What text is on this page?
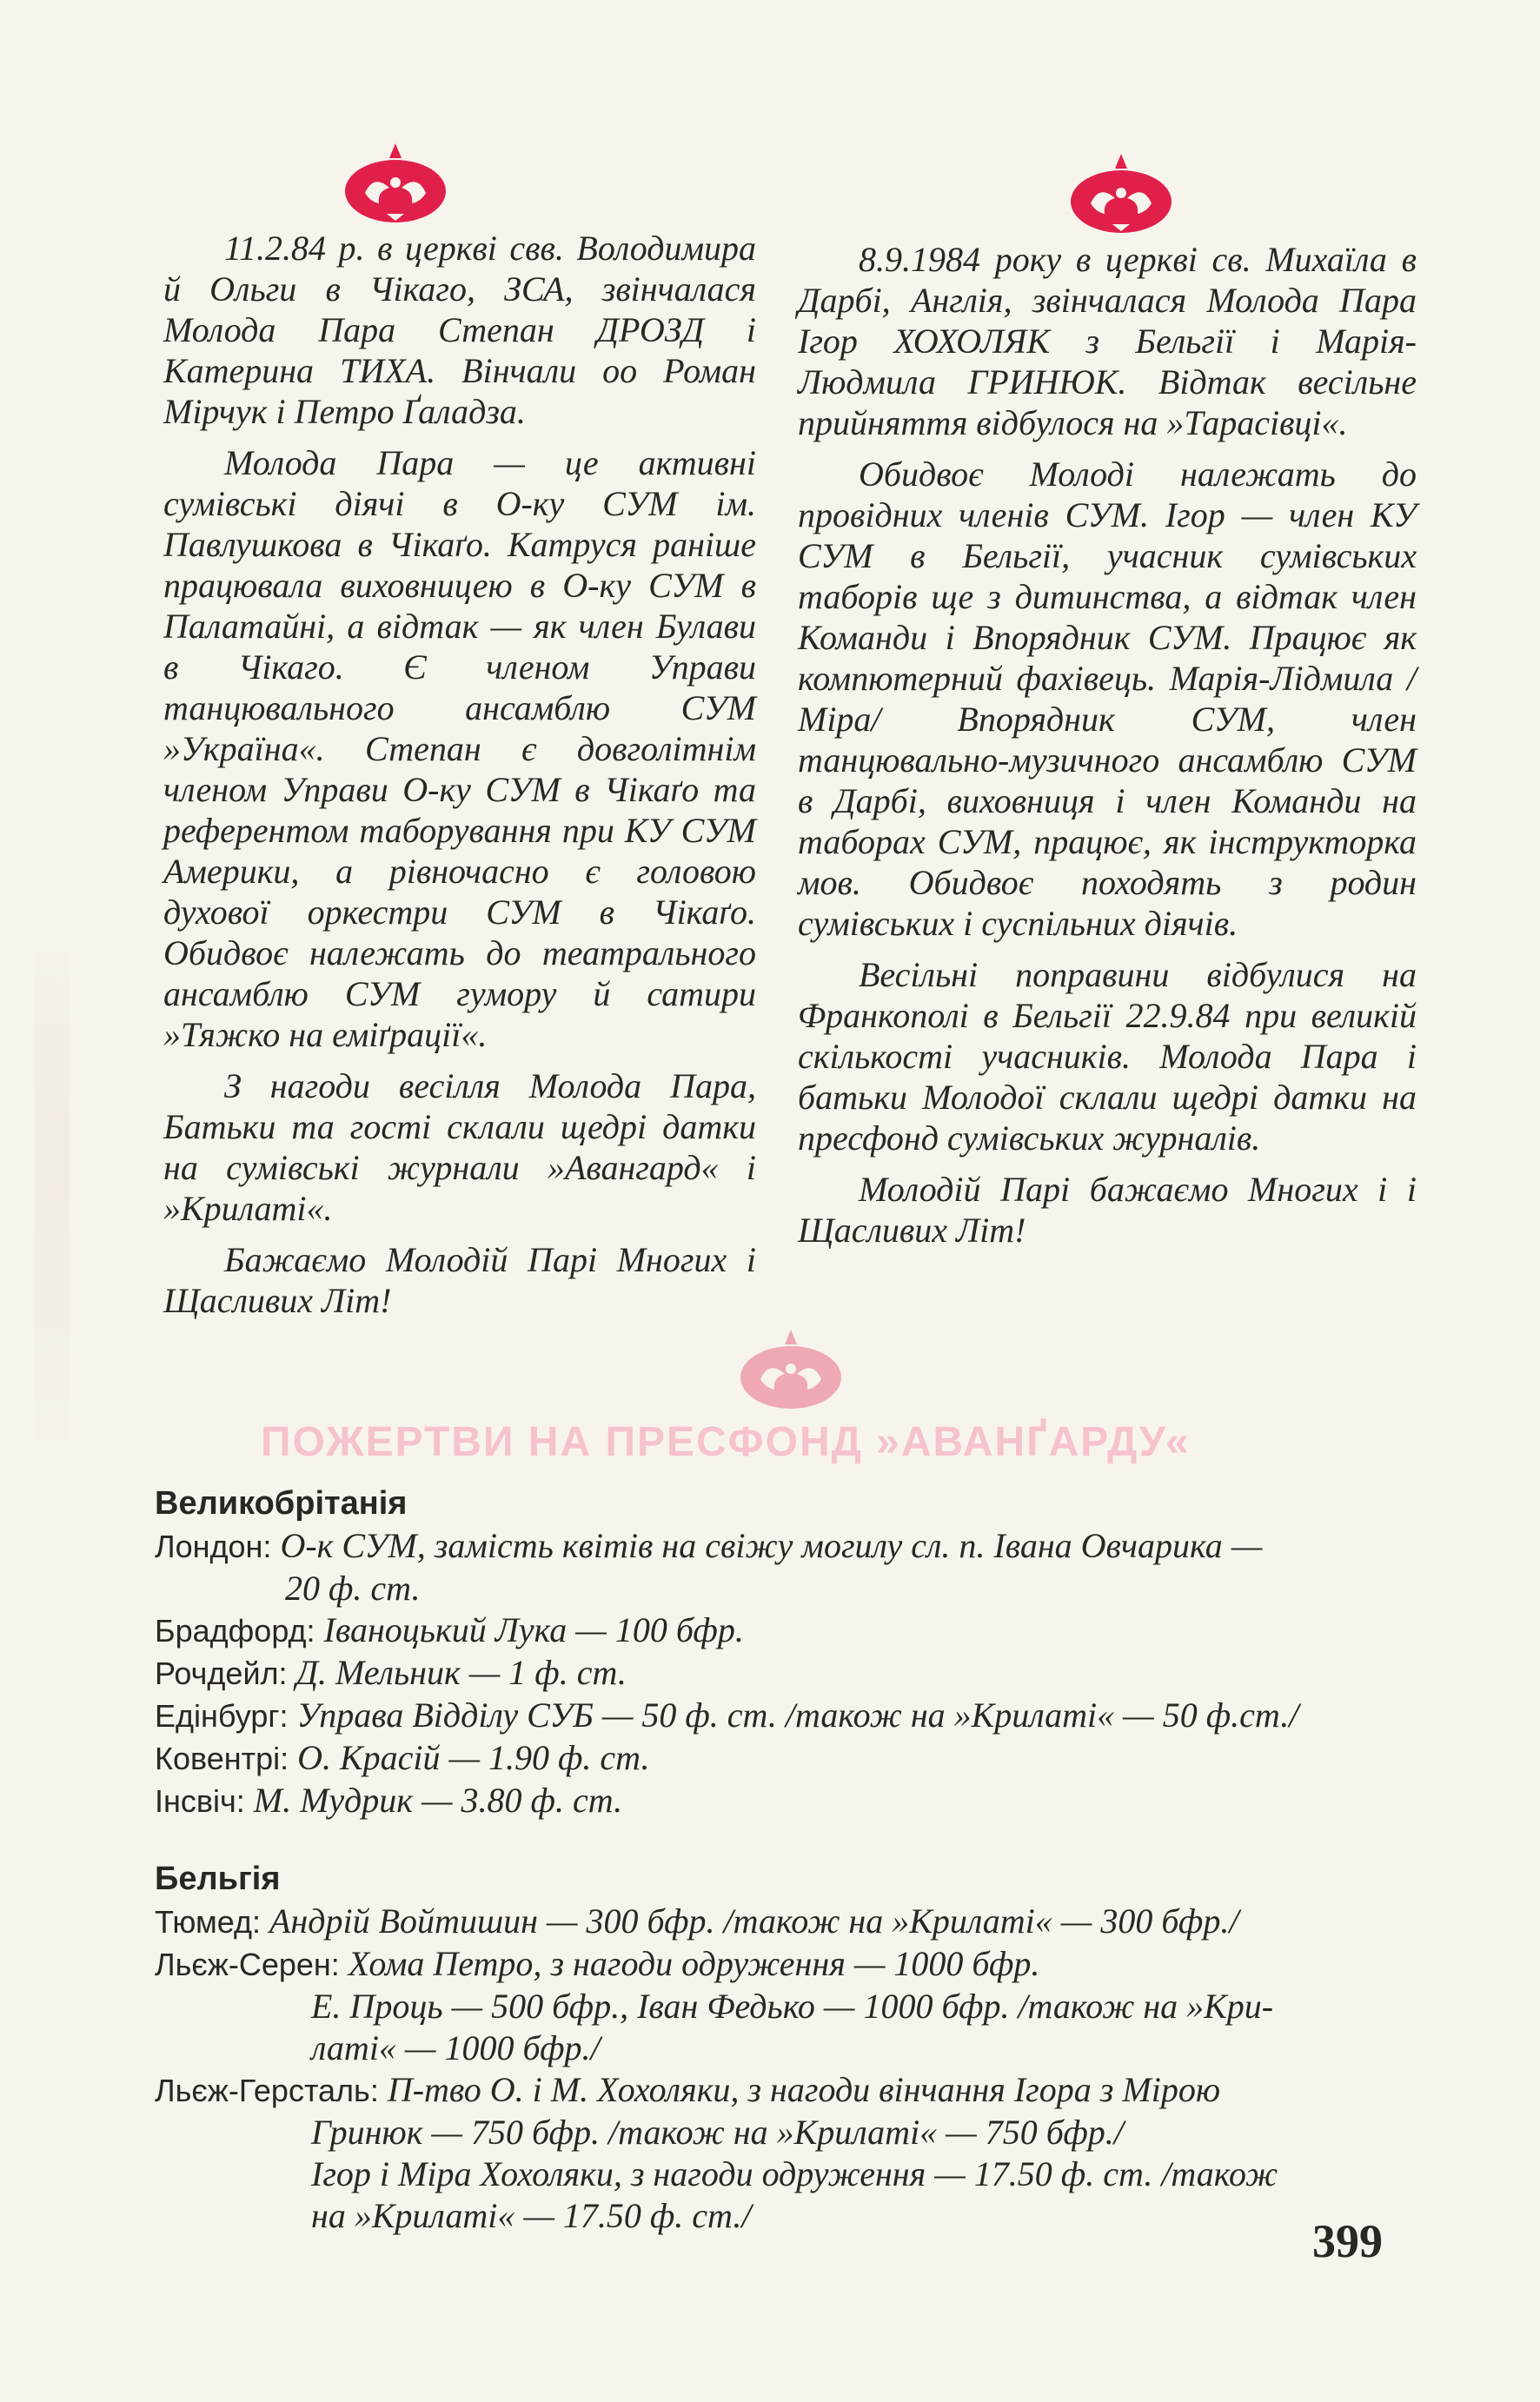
11.2.84 р. в церкві свв. Володимира й Ольги в Чікаго, ЗСА, звінчалася Молода Пара Степан ДРОЗД і Катерина ТИХА. Вінчали оо Роман Мірчук і Петро Ґаладза.

Молода Пара — це активні сумівські діячі в О-ку СУМ ім. Павлушкова в Чікаґо. Катруся раніше працювала виховницею в О-ку СУМ в Палатайні, а відтак — як член Булави в Чікаго. Є членом Управи танцювального ансамблю СУМ »Україна«. Степан є довголітнім членом Управи О-ку СУМ в Чікаґо та референтом таборування при КУ СУМ Америки, а рівночасно є головою духової оркестри СУМ в Чікаґо. Обидвоє належать до театрального ансамблю СУМ гумору й сатири »Тяжко на еміґрації«.

З нагоди весілля Молода Пара, Батьки та гості склали щедрі датки на сумівські журнали »Авангард« і »Крилаті«.

Бажаємо Молодій Парі Многих і Щасливих Літ!

8.9.1984 року в церкві св. Михаїла в Дарбі, Англія, звінчалася Молода Пара Ігор ХОХОЛЯК з Бельгії і Марія-Людмила ГРИНЮК. Відтак весільне прийняття відбулося на »Тарасівці«.

Обидвоє Молоді належать до провідних членів СУМ. Ігор — член КУ СУМ в Бельгії, учасник сумівських таборів ще з дитинства, а відтак член Команди і Впорядник СУМ. Працює як компютерний фахівець. Марія-Лідмила /Міра/ Впорядник СУМ, член танцювально-музичного ансамблю СУМ в Дарбі, виховниця і член Команди на таборах СУМ, працює, як інструкторка мов. Обидвоє походять з родин сумівських і суспільних діячів.

Весільні поправини відбулися на Франкополі в Бельгії 22.9.84 при великій скількості учасників. Молода Пара і батьки Молодої склали щедрі датки на пресфонд сумівських журналів.

Молодій Парі бажаємо Многих і і Щасливих Літ!

ПОЖЕРТВИ НА ПРЕСФОНД »АВАНҐАРДУ«

Великобрітанія

Лондон: О-к СУМ, замість квітів на свіжу могилу сл. п. Івана Овчарика —

20 ф. ст.

Брадфорд: Іваноцький Лука — 100 бфр.

Рочдейл: Д. Мельник — 1 ф. ст.

Едінбург: Управа Відділу СУБ — 50 ф. ст. /також на »Крилаті« — 50 ф.ст./

Ковентрі: О. Красій — 1.90 ф. ст.

Інсвіч: М. Мудрик — 3.80 ф. ст.

Бельгія

Тюмед: Андрій Войтишин — 300 бфр. /також на »Крилаті« — 300 бфр./

Льєж-Серен: Хома Петро, з нагоди одруження — 1000 бфр.

Е. Проць — 500 бфр., Іван Федько — 1000 бфр. /також на »Кри-

латі« — 1000 бфр./

Льєж-Герсталь: П-тво О. і М. Хохоляки, з нагоди вінчання Ігора з Мірою

Гринюк — 750 бфр. /також на »Крилаті« — 750 бфр./

Ігор і Міра Хохоляки, з нагоди одруження — 17.50 ф. ст. /також

на »Крилаті« — 17.50 ф. ст./	399
